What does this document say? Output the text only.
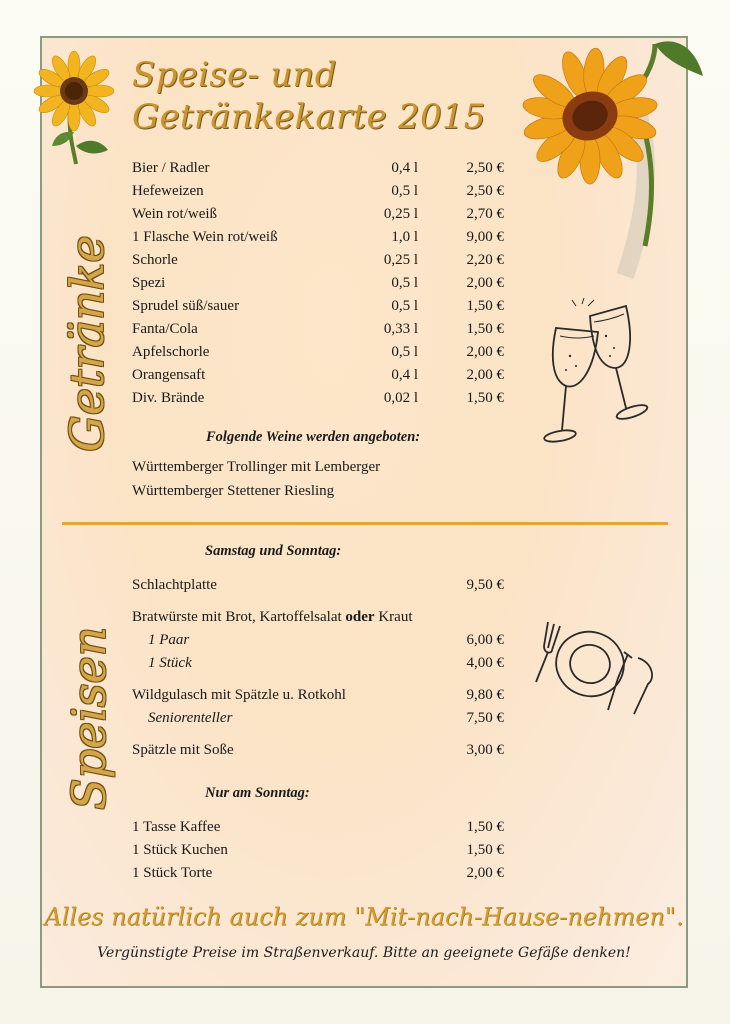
Speise- und
Getränkekarte 2015
Getränke
Speisen
Bier / Radler	0,4 l	2,50 €
Hefeweizen	0,5 l	2,50 €
Wein rot/weiß	0,25 l	2,70 €
1 Flasche Wein rot/weiß	1,0 l	9,00 €
Schorle	0,25 l	2,20 €
Spezi	0,5 l	2,00 €
Sprudel süß/sauer	0,5 l	1,50 €
Fanta/Cola	0,33 l	1,50 €
Apfelschorle	0,5 l	2,00 €
Orangensaft	0,4 l	2,00 €
Div. Brände	0,02 l	1,50 €
Folgende Weine werden angeboten:
Württemberger Trollinger mit Lemberger
Württemberger Stettener Riesling
Samstag und Sonntag:
Schlachtplatte	9,50 €
Bratwürste mit Brot, Kartoffelsalat oder Kraut
1 Paar	6,00 €
1 Stück	4,00 €
Wildgulasch mit Spätzle u. Rotkohl	9,80 €
Seniorenteller	7,50 €
Spätzle mit Soße	3,00 €
Nur am Sonntag:
1 Tasse Kaffee	1,50 €
1 Stück Kuchen	1,50 €
1 Stück Torte	2,00 €
Alles natürlich auch zum "Mit-nach-Hause-nehmen".
Vergünstigte Preise im Straßenverkauf. Bitte an geeignete Gefäße denken!
